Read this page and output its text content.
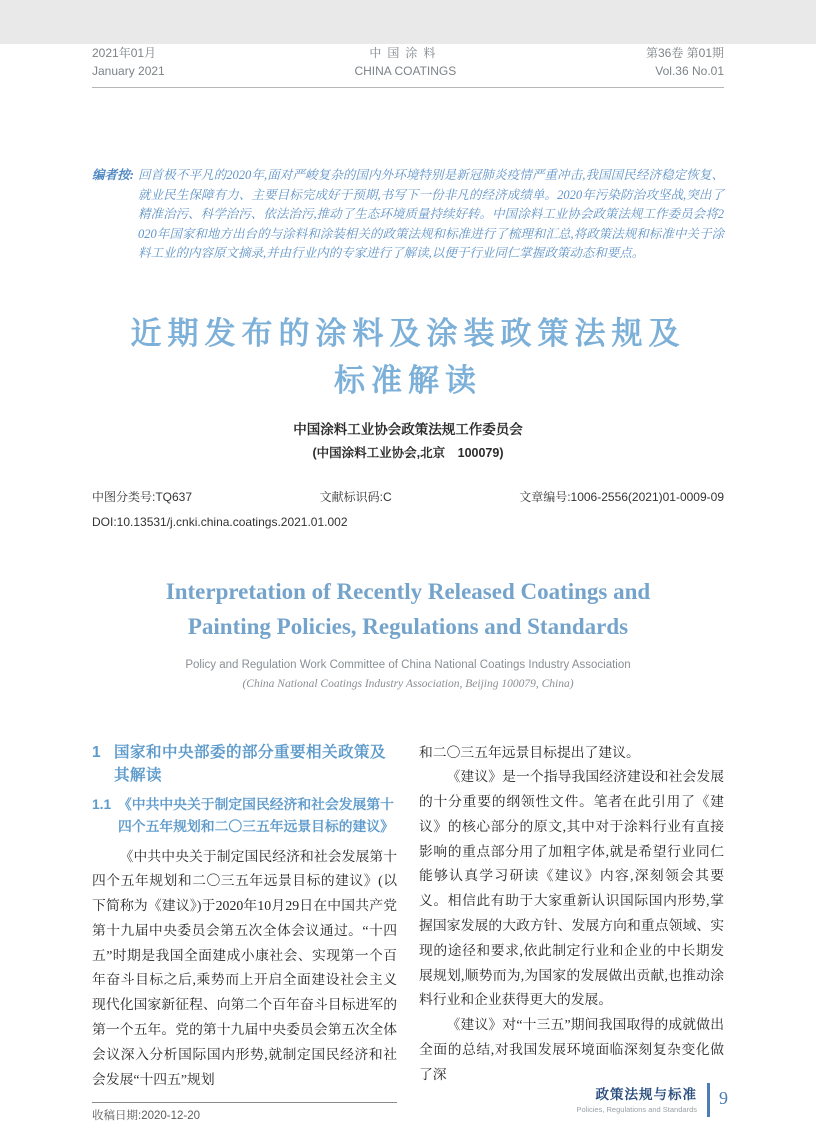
2021年01月
January 2021
中国涂料
CHINA COATINGS
第36卷 第01期
Vol.36 No.01
编者按: 回首极不平凡的2020年,面对严峻复杂的国内外环境特别是新冠肺炎疫情严重冲击,我国国民经济稳定恢复、就业民生保障有力、主要目标完成好于预期,书写下一份非凡的经济成绩单。2020年污染防治攻坚战,突出了精准治污、科学治污、依法治污,推动了生态环境质量持续好转。中国涂料工业协会政策法规工作委员会将2020年国家和地方出台的与涂料和涂装相关的政策法规和标准进行了梳理和汇总,将政策法规和标准中关于涂料工业的内容原文摘录,并由行业内的专家进行了解读,以便于行业同仁掌握政策动态和要点。
近期发布的涂料及涂装政策法规及
标准解读
中国涂料工业协会政策法规工作委员会
(中国涂料工业协会,北京　100079)
中图分类号:TQ637	文献标识码:C	文章编号:1006-2556(2021)01-0009-09
DOI:10.13531/j.cnki.china.coatings.2021.01.002
Interpretation of Recently Released Coatings and
Painting Policies, Regulations and Standards
Policy and Regulation Work Committee of China National Coatings Industry Association
(China National Coatings Industry Association, Beijing 100079, China)
1 国家和中央部委的部分重要相关政策及其解读
1.1 《中共中央关于制定国民经济和社会发展第十四个五年规划和二〇三五年远景目标的建议》

《中共中央关于制定国民经济和社会发展第十四个五年规划和二〇三五年远景目标的建议》(以下简称为《建议》)于2020年10月29日在中国共产党第十九届中央委员会第五次全体会议通过。“十四五”时期是我国全面建成小康社会、实现第一个百年奋斗目标之后,乘势而上开启全面建设社会主义现代化国家新征程、向第二个百年奋斗目标进军的第一个五年。党的第十九届中央委员会第五次全体会议深入分析国际国内形势,就制定国民经济和社会发展“十四五”规划

收稿日期:2020-12-20

和二〇三五年远景目标提出了建议。

《建议》是一个指导我国经济建设和社会发展的十分重要的纲领性文件。笔者在此引用了《建议》的核心部分的原文,其中对于涂料行业有直接影响的重点部分用了加粗字体,就是希望行业同仁能够认真学习研读《建议》内容,深刻领会其要义。相信此有助于大家重新认识国际国内形势,掌握国家发展的大政方针、发展方向和重点领域、实现的途径和要求,依此制定行业和企业的中长期发展规划,顺势而为,为国家的发展做出贡献,也推动涂料行业和企业获得更大的发展。

《建议》对“十三五”期间我国取得的成就做出全面的总结,对我国发展环境面临深刻复杂变化做了深

政策法规与标准
Policies, Regulations and Standards
9
